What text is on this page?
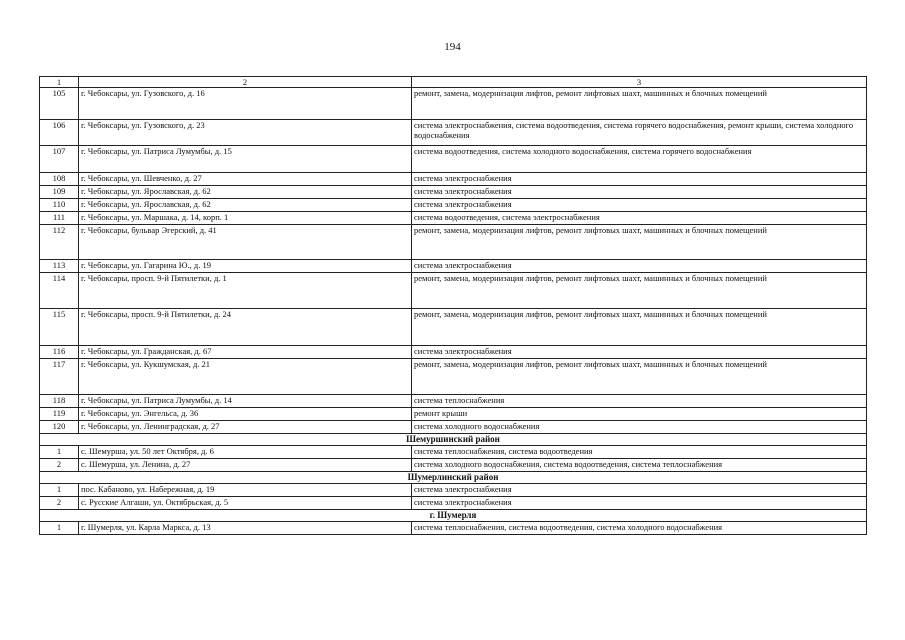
194
1	2	3
105	г. Чебоксары, ул. Гузовского, д. 16	ремонт, замена, модернизация лифтов, ремонт лифтовых шахт, машинных и блочных помещений
106	г. Чебоксары, ул. Гузовского, д. 23	система электроснабжения, система водоотведения, система горячего водоснабжения, ремонт крыши, система холодного водоснабжения
107	г. Чебоксары, ул. Патриса Лумумбы, д. 15	система водоотведения, система холодного водоснабжения, система горячего водоснабжения
108	г. Чебоксары, ул. Шевченко, д. 27	система электроснабжения
109	г. Чебоксары, ул. Ярославская, д. 62	система электроснабжения
110	г. Чебоксары, ул. Ярославская, д. 62	система электроснабжения
111	г. Чебоксары, ул. Маршака, д. 14, корп. 1	система водоотведения, система электроснабжения
112	г. Чебоксары, бульвар Эгерский, д. 41	ремонт, замена, модернизация лифтов, ремонт лифтовых шахт, машинных и блочных помещений
113	г. Чебоксары, ул. Гагарина Ю., д. 19	система электроснабжения
114	г. Чебоксары, просп. 9-й Пятилетки, д. 1	ремонт, замена, модернизация лифтов, ремонт лифтовых шахт, машинных и блочных помещений
115	г. Чебоксары, просп. 9-й Пятилетки, д. 24	ремонт, замена, модернизация лифтов, ремонт лифтовых шахт, машинных и блочных помещений
116	г. Чебоксары, ул. Гражданская, д. 67	система электроснабжения
117	г. Чебоксары, ул. Кукшумская, д. 21	ремонт, замена, модернизация лифтов, ремонт лифтовых шахт, машинных и блочных помещений
118	г. Чебоксары, ул. Патриса Лумумбы, д. 14	система теплоснабжения
119	г. Чебоксары, ул. Энгельса, д. 36	ремонт крыши
120	г. Чебоксары, ул. Ленинградская, д. 27	система холодного водоснабжения
Шемуршинский район		
1	с. Шемурша, ул. 50 лет Октября, д. 6	система теплоснабжения, система водоотведения
2	с. Шемурша, ул. Ленина, д. 27	система холодного водоснабжения, система водоотведения, система теплоснабжения
Шумерлинский район		
1	пос. Кабаново, ул. Набережная, д. 19	система электроснабжения
2	с. Русские Алгаши, ул. Октябрьская, д. 5	система электроснабжения
г. Шумерля		
1	г. Шумерля, ул. Карла Маркса, д. 13	система теплоснабжения, система водоотведения, система холодного водоснабжения
